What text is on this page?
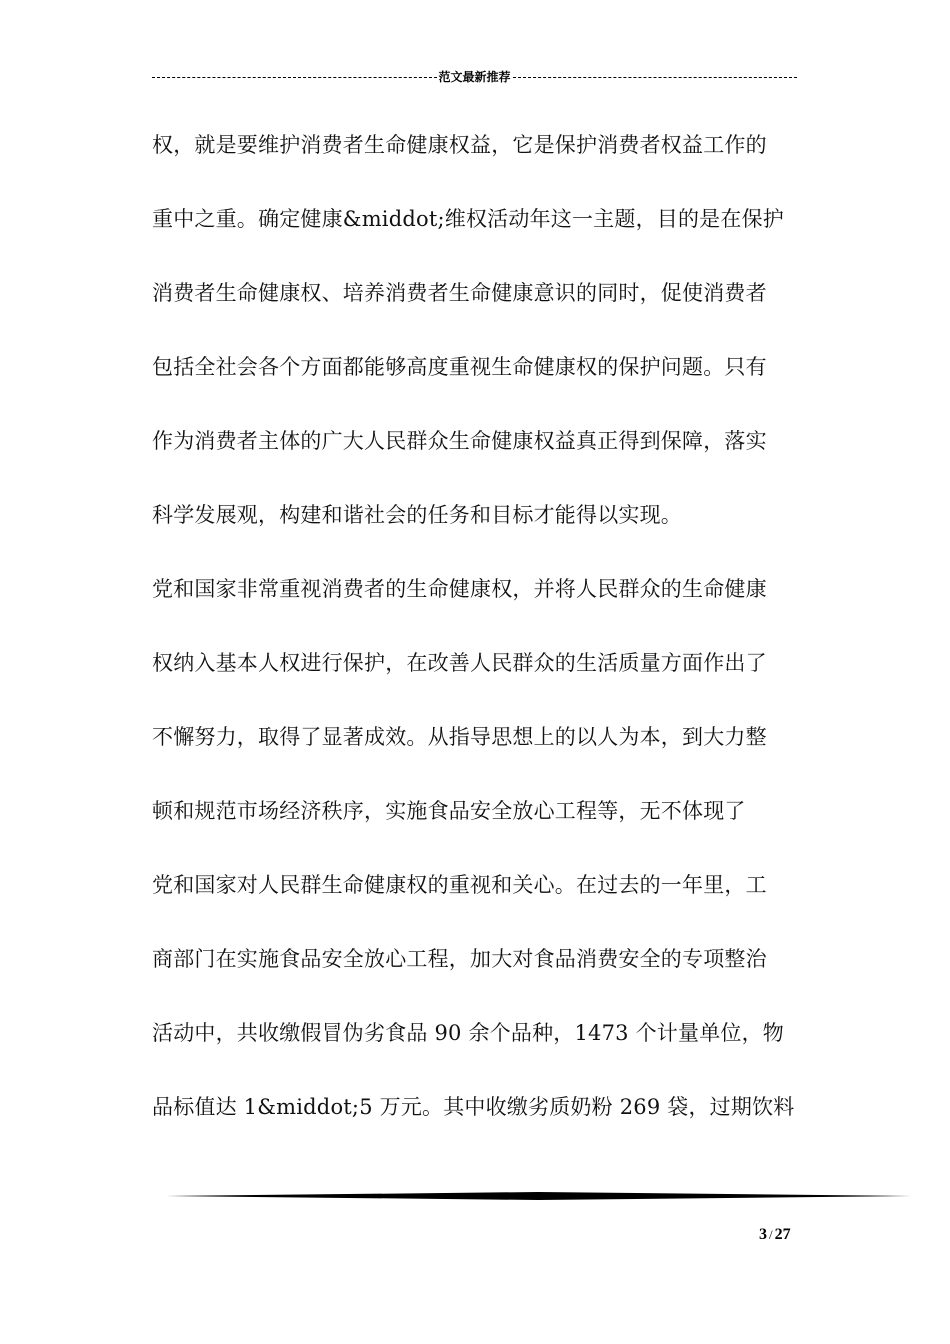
范文最新推荐
权，就是要维护消费者生命健康权益，它是保护消费者权益工作的
重中之重。确定健康&middot;维权活动年这一主题，目的是在保护
消费者生命健康权、培养消费者生命健康意识的同时，促使消费者
包括全社会各个方面都能够高度重视生命健康权的保护问题。只有
作为消费者主体的广大人民群众生命健康权益真正得到保障，落实
科学发展观，构建和谐社会的任务和目标才能得以实现。
党和国家非常重视消费者的生命健康权，并将人民群众的生命健康
权纳入基本人权进行保护，在改善人民群众的生活质量方面作出了
不懈努力，取得了显著成效。从指导思想上的以人为本，到大力整
顿和规范市场经济秩序，实施食品安全放心工程等，无不体现了
党和国家对人民群生命健康权的重视和关心。在过去的一年里，工
商部门在实施食品安全放心工程，加大对食品消费安全的专项整治
活动中，共收缴假冒伪劣食品 90 余个品种，1473 个计量单位，物
品标值达 1&middot;5 万元。其中收缴劣质奶粉 269 袋，过期饮料
3 / 27
